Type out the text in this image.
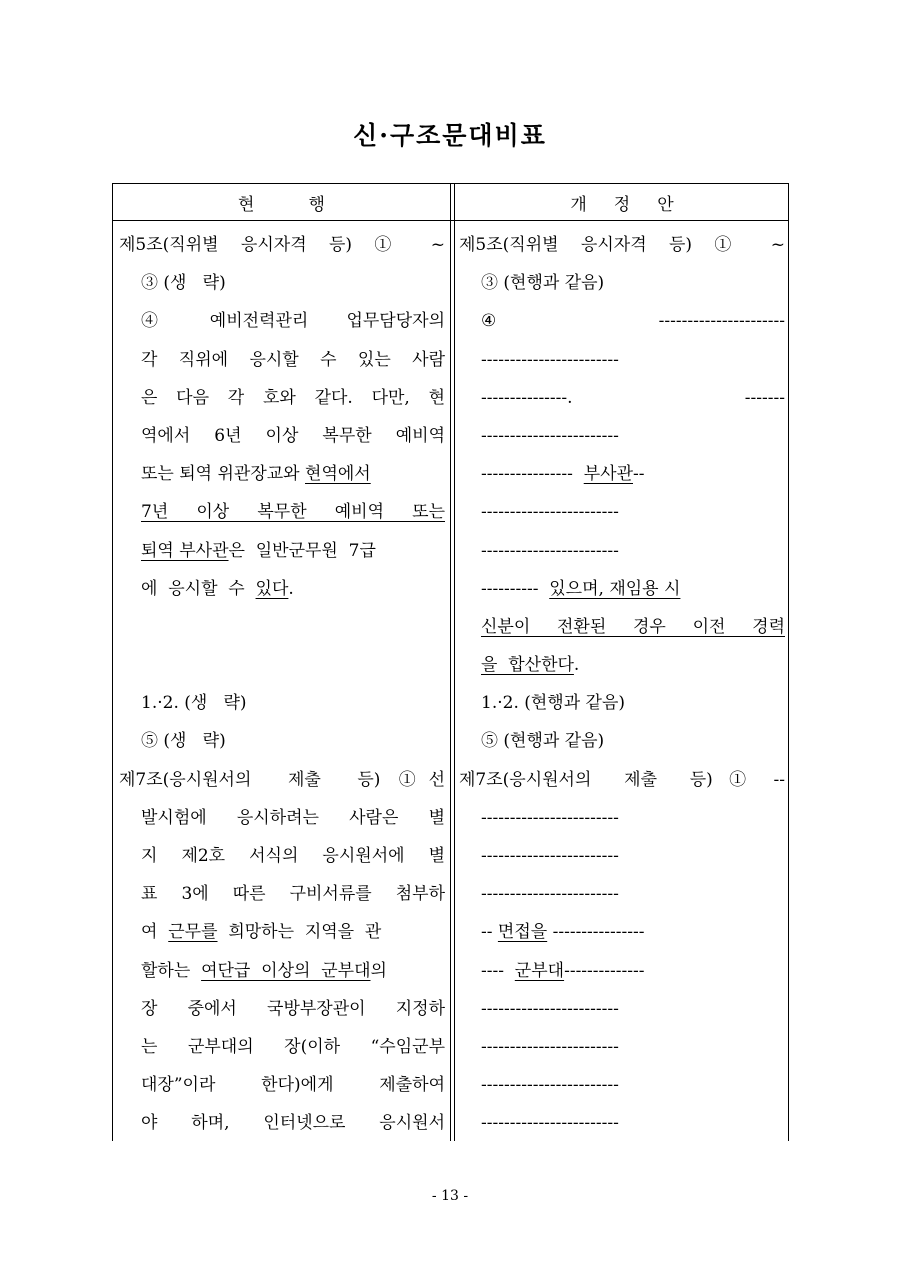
신·구조문대비표
현          행	개     정     안
제5조(직위별 응시자격 등) ① ~
③ (생   략)
④  예비전력관리  업무담당자의
각 직위에 응시할 수 있는 사람
은 다음 각 호와 같다. 다만, 현
역에서 6년 이상 복무한 예비역
또는 퇴역 위관장교와 현역에서
7년  이상  복무한  예비역  또는
퇴역 부사관은  일반군무원  7급
에  응시할  수  있다.
1.·2. (생   략)
⑤ (생   략)
제7조(응시원서의  제출  등) ①선
발시험에  응시하려는  사람은  별
지  제2호  서식의  응시원서에  별
표  3에  따른  구비서류를  첨부하
여  근무를  희망하는  지역을  관
할하는  여단급  이상의  군부대의
장  중에서  국방부장관이  지정하
는  군부대의  장(이하  “수임군부
대장”이라  한다)에게  제출하여
야  하며,  인터넷으로  응시원서
제5조(직위별 응시자격 등) ① ~
③ (현행과 같음)
④ ----------------------
------------------------
---------------. -------
------------------------
----------------  부사관--
------------------------
------------------------
----------  있으며, 재임용 시
신분이  전환된  경우  이전  경력
을  합산한다.
1.·2. (현행과 같음)
⑤ (현행과 같음)
제7조(응시원서의  제출  등) ① --
------------------------
------------------------
------------------------
-- 면접을 ----------------
----  군부대--------------
------------------------
------------------------
------------------------
------------------------
- 13 -
